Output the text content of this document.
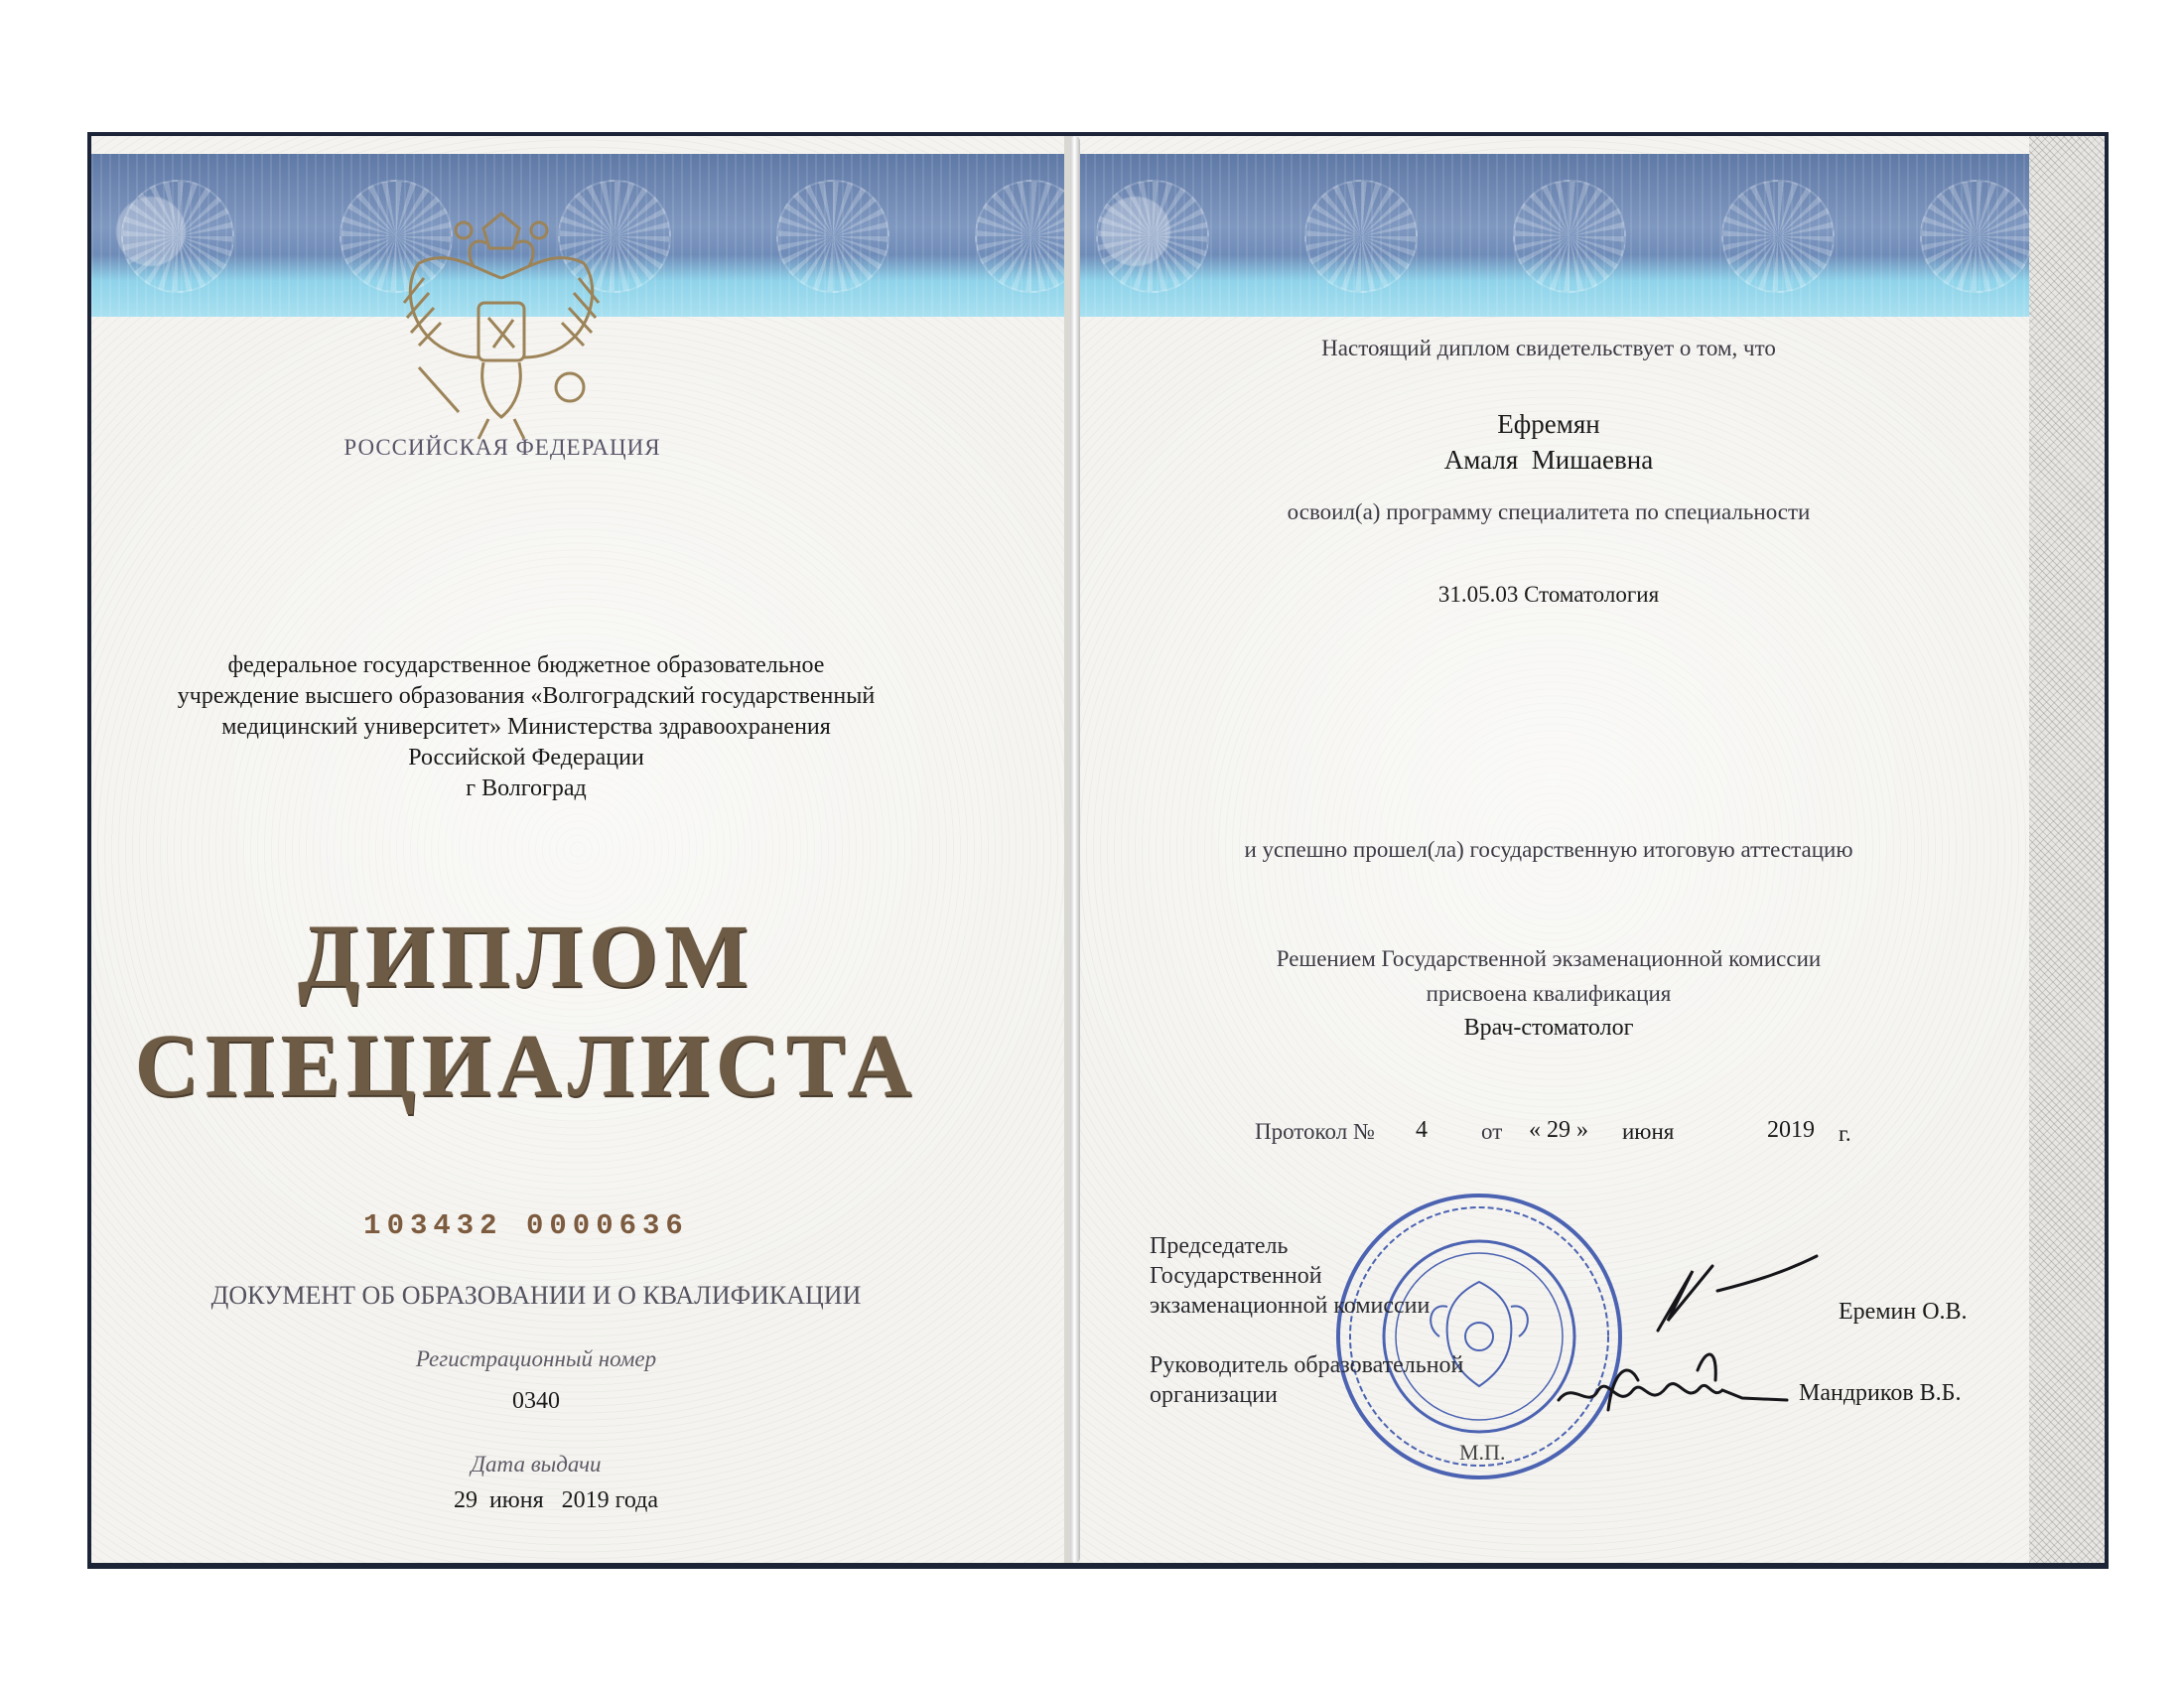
РОССИЙСКАЯ ФЕДЕРАЦИЯ
федеральное государственное бюджетное образовательное
учреждение высшего образования «Волгоградский государственный
медицинский университет» Министерства здравоохранения
Российской Федерации
г Волгоград
ДИПЛОМ
СПЕЦИАЛИСТА
103432 0000636
ДОКУМЕНТ ОБ ОБРАЗОВАНИИ И О КВАЛИФИКАЦИИ
Регистрационный номер
0340
Дата выдачи
29  июня   2019 года
Настоящий диплом свидетельствует о том, что
Ефремян
Амаля  Мишаевна
освоил(а) программу специалитета по специальности
31.05.03 Стоматология
и успешно прошел(ла) государственную итоговую аттестацию
Решением Государственной экзаменационной комиссии
присвоена квалификация
Врач-стоматолог
Протокол № 4 от « 29 » июня	2019 г.
Председатель
Государственной
экзаменационной комиссии	Еремин О.В.
Руководитель образовательной
организации	Мандриков В.Б.
М.П.
